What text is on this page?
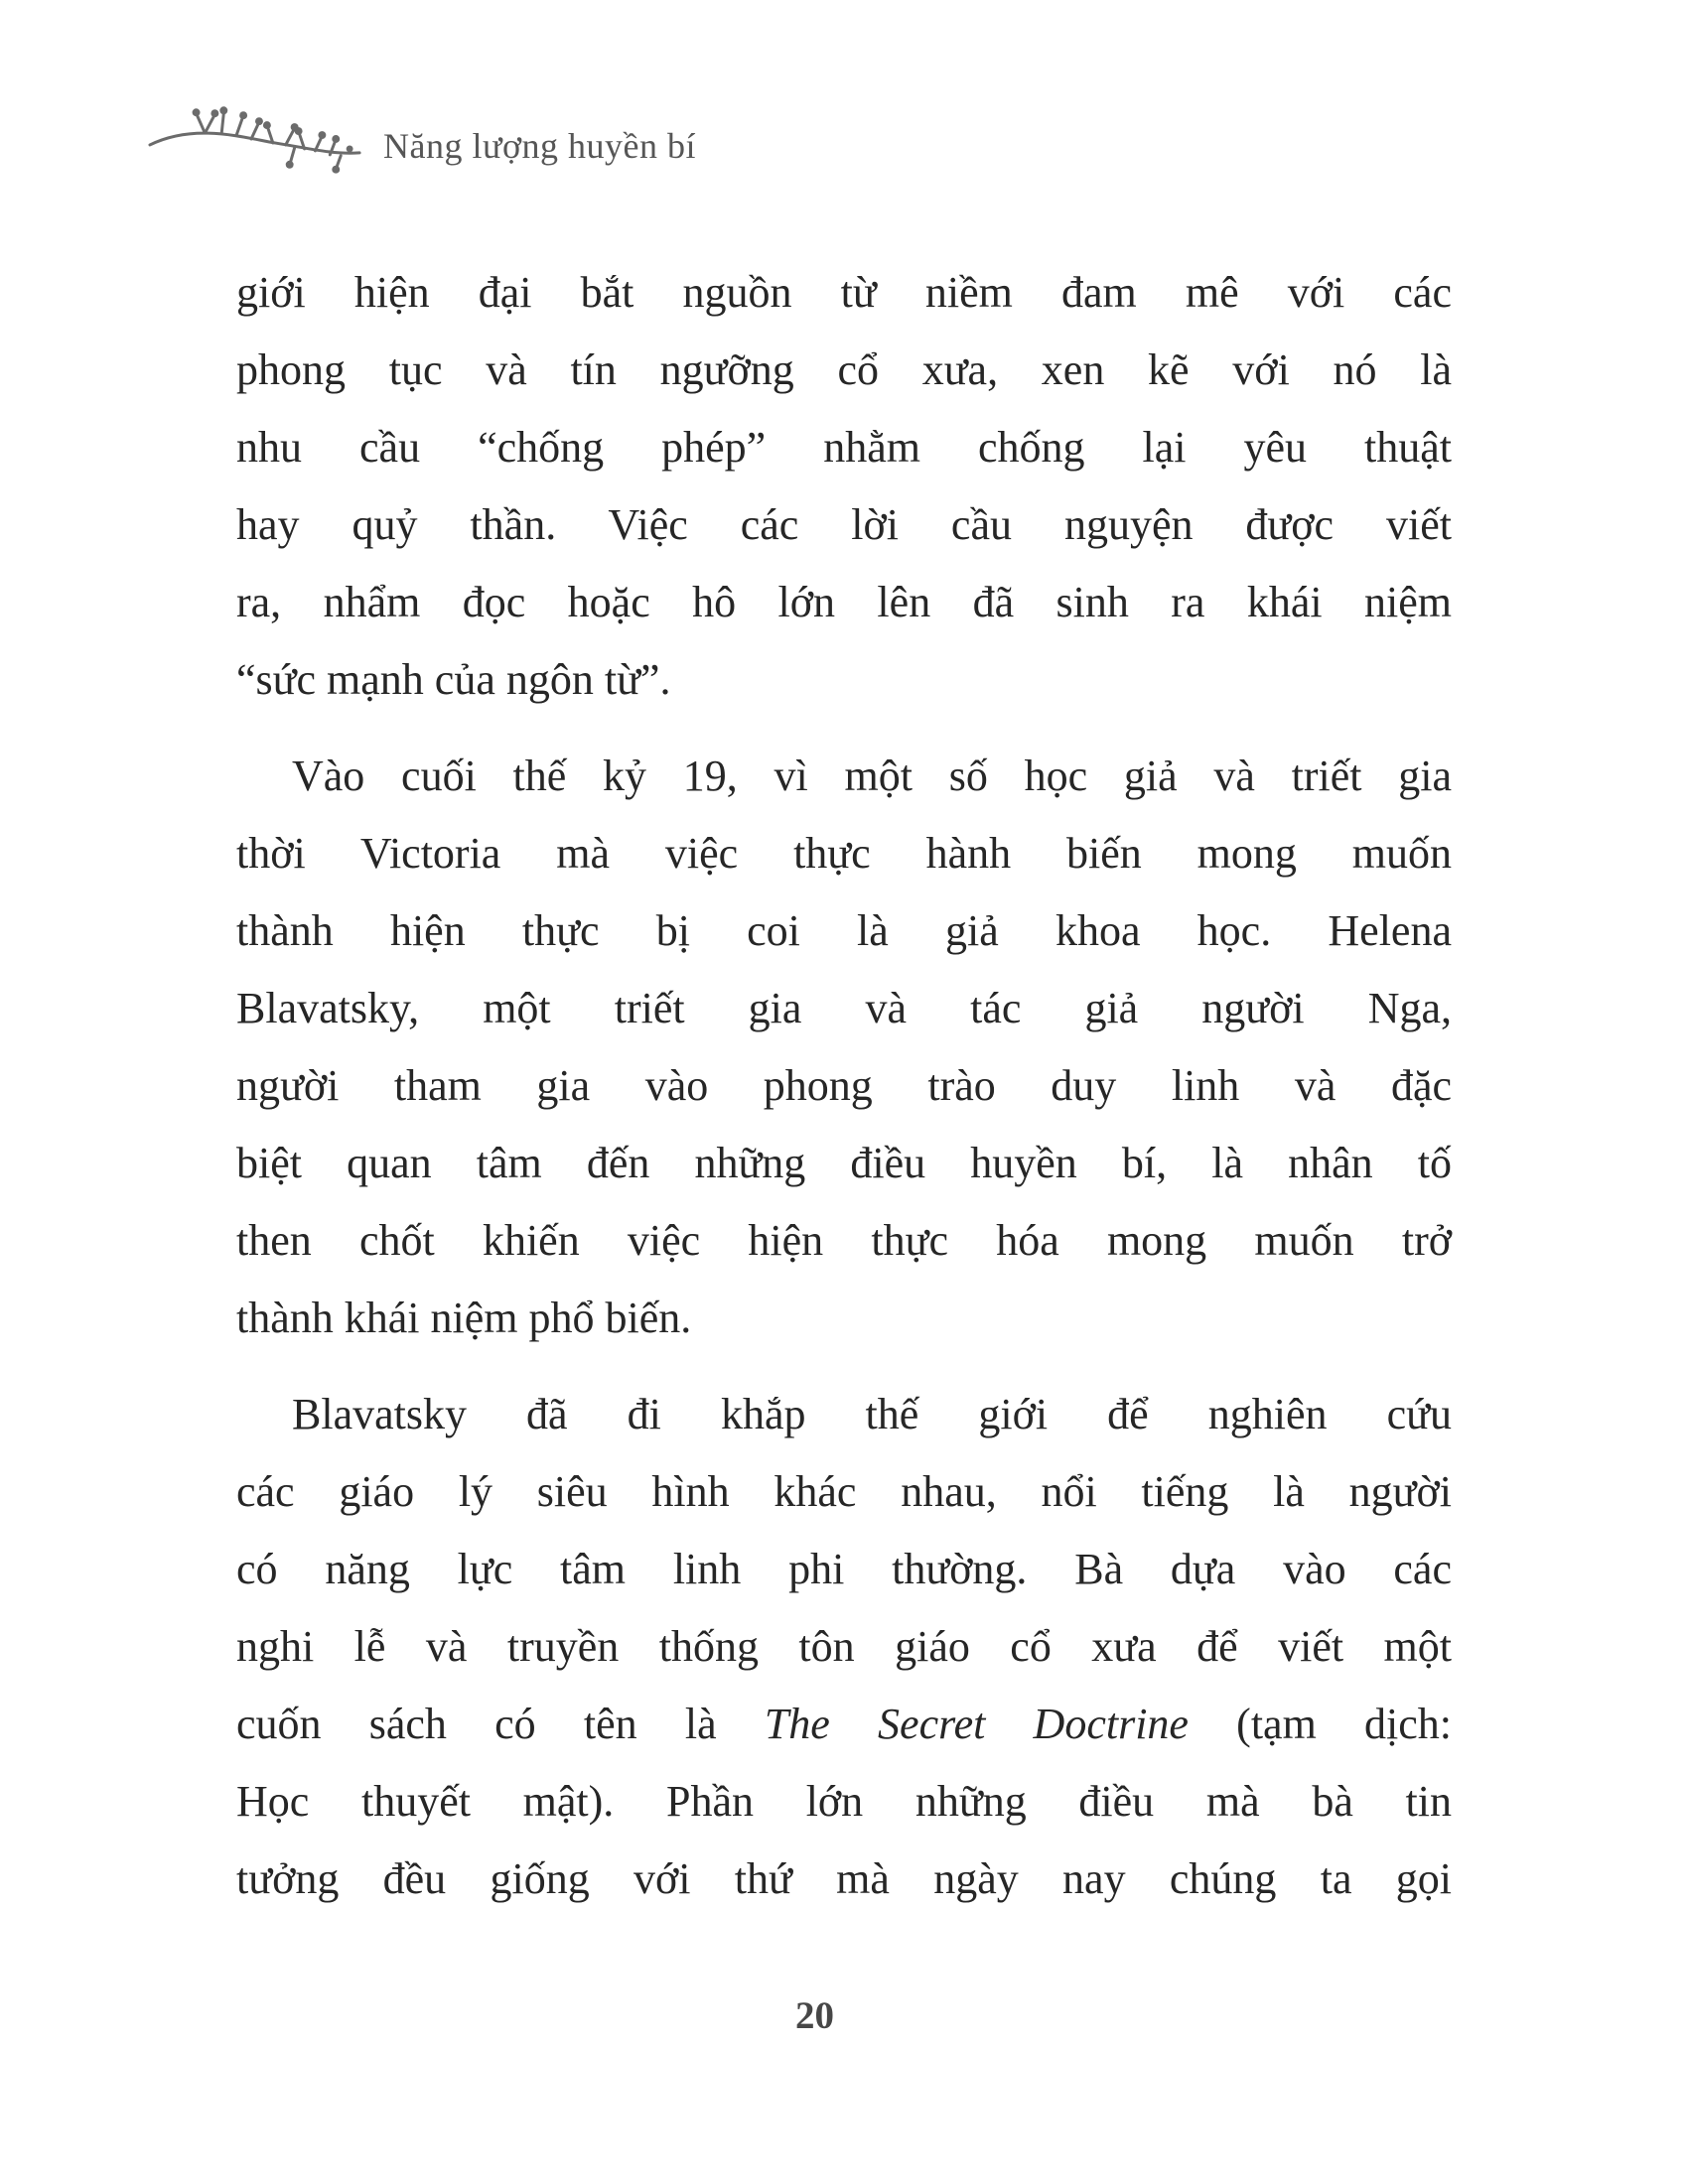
Năng lượng huyền bí
giới hiện đại bắt nguồn từ niềm đam mê với các
phong tục và tín ngưỡng cổ xưa, xen kẽ với nó là
nhu cầu “chống phép” nhằm chống lại yêu thuật
hay quỷ thần. Việc các lời cầu nguyện được viết
ra, nhẩm đọc hoặc hô lớn lên đã sinh ra khái niệm
“sức mạnh của ngôn từ”.
Vào cuối thế kỷ 19, vì một số học giả và triết gia
thời Victoria mà việc thực hành biến mong muốn
thành hiện thực bị coi là giả khoa học. Helena
Blavatsky, một triết gia và tác giả người Nga,
người tham gia vào phong trào duy linh và đặc
biệt quan tâm đến những điều huyền bí, là nhân tố
then chốt khiến việc hiện thực hóa mong muốn trở
thành khái niệm phổ biến.
Blavatsky đã đi khắp thế giới để nghiên cứu
các giáo lý siêu hình khác nhau, nổi tiếng là người
có năng lực tâm linh phi thường. Bà dựa vào các
nghi lễ và truyền thống tôn giáo cổ xưa để viết một
cuốn sách có tên là The Secret Doctrine (tạm dịch:
Học thuyết mật). Phần lớn những điều mà bà tin
tưởng đều giống với thứ mà ngày nay chúng ta gọi
20
